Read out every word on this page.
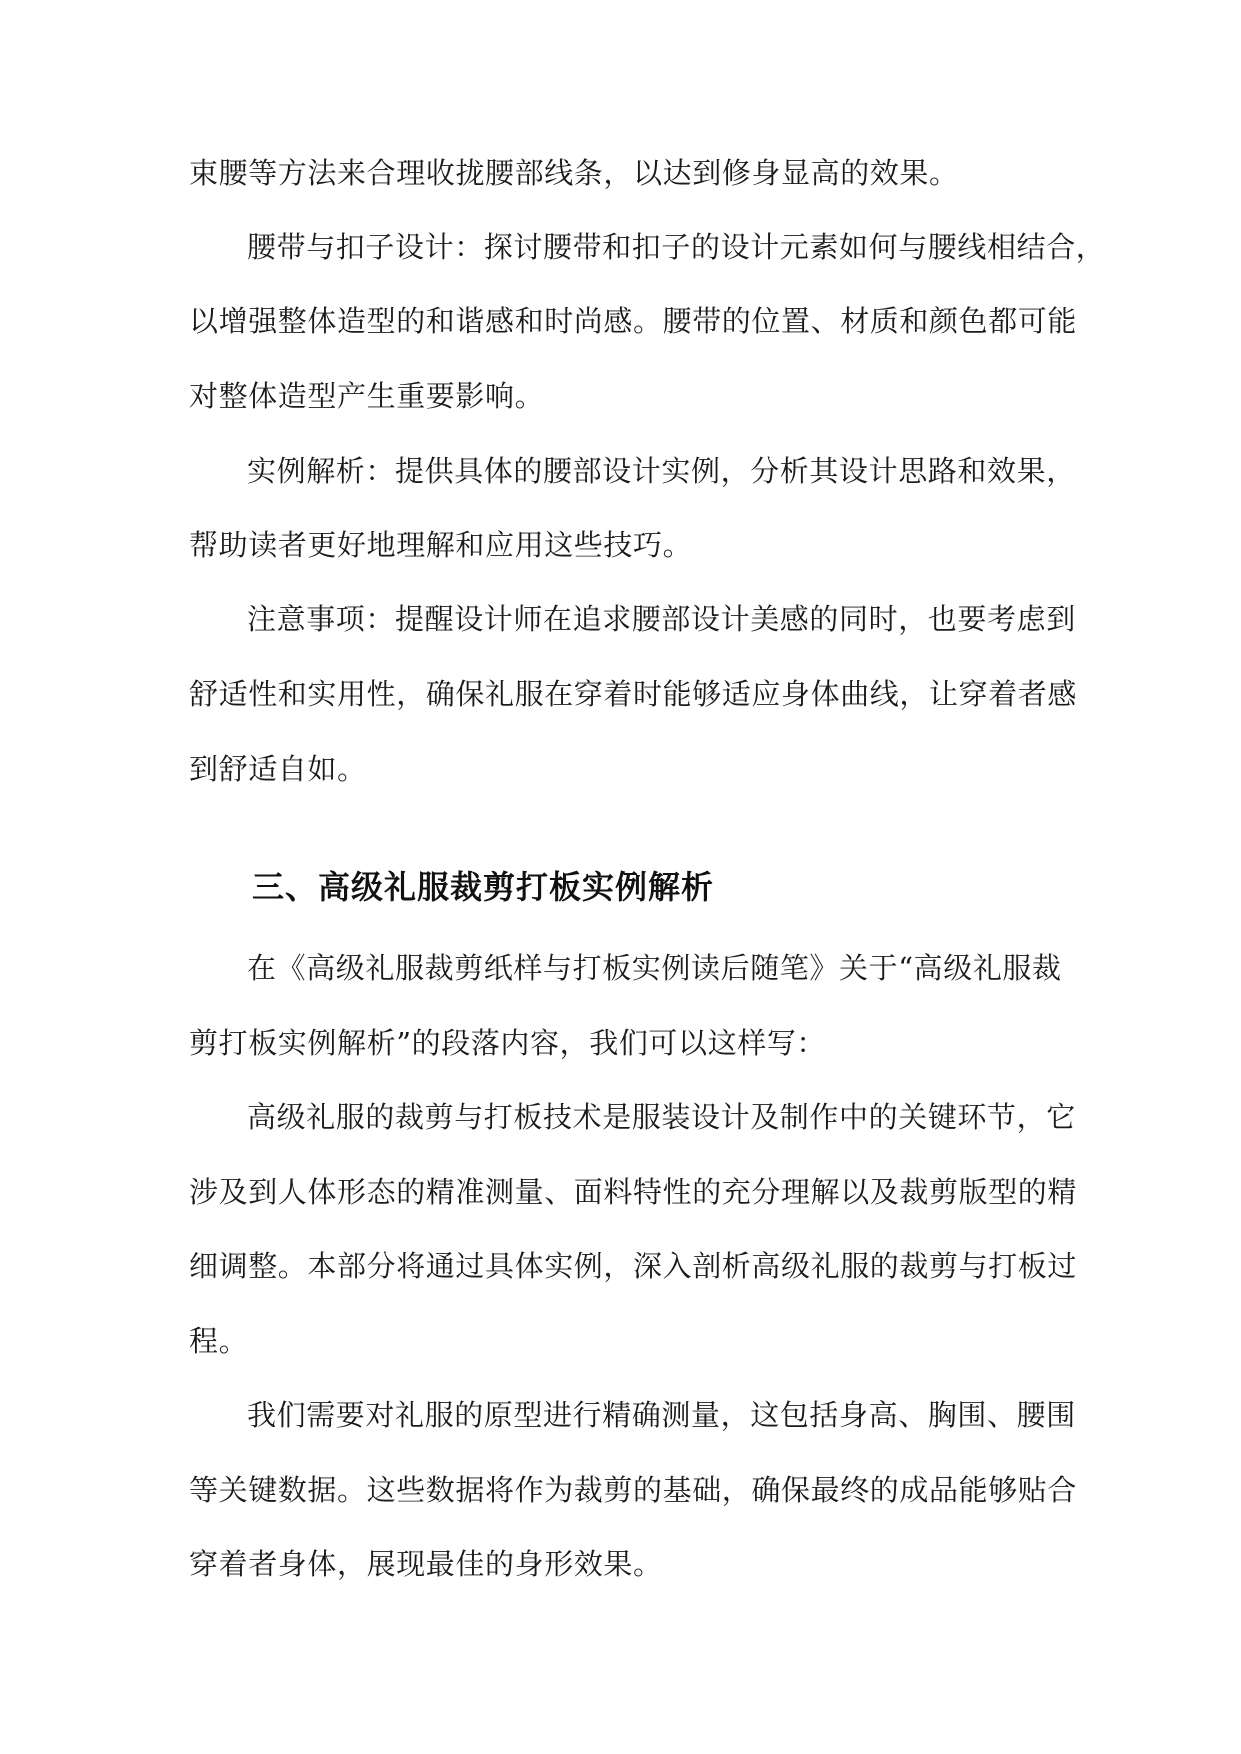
束腰等方法来合理收拢腰部线条，以达到修身显高的效果。

腰带与扣子设计：探讨腰带和扣子的设计元素如何与腰线相结合，

以增强整体造型的和谐感和时尚感。腰带的位置、材质和颜色都可能

对整体造型产生重要影响。

实例解析：提供具体的腰部设计实例，分析其设计思路和效果，

帮助读者更好地理解和应用这些技巧。

注意事项：提醒设计师在追求腰部设计美感的同时，也要考虑到

舒适性和实用性，确保礼服在穿着时能够适应身体曲线，让穿着者感

到舒适自如。

三、高级礼服裁剪打板实例解析

在《高级礼服裁剪纸样与打板实例读后随笔》关于“高级礼服裁

剪打板实例解析”的段落内容，我们可以这样写：

高级礼服的裁剪与打板技术是服装设计及制作中的关键环节，它

涉及到人体形态的精准测量、面料特性的充分理解以及裁剪版型的精

细调整。本部分将通过具体实例，深入剖析高级礼服的裁剪与打板过

程。

我们需要对礼服的原型进行精确测量，这包括身高、胸围、腰围

等关键数据。这些数据将作为裁剪的基础，确保最终的成品能够贴合

穿着者身体，展现最佳的身形效果。
